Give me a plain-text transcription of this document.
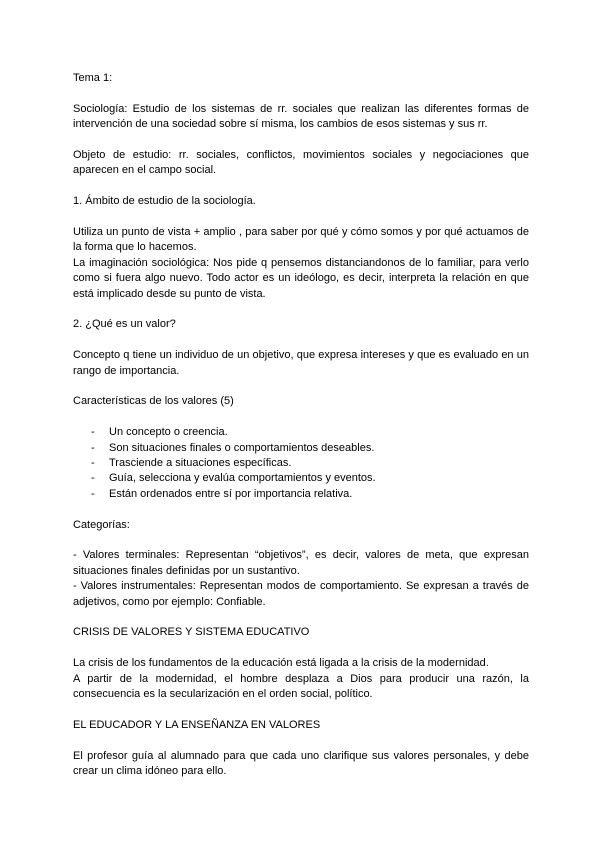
Tema 1:

Sociología: Estudio de los sistemas de rr. sociales que realizan las diferentes formas de intervención de una sociedad sobre sí misma, los cambios de esos sistemas y sus rr.

Objeto de estudio: rr. sociales, conflictos, movimientos sociales y negociaciones que aparecen en el campo social.

1. Ámbito de estudio de la sociología.

Utiliza un punto de vista + amplio , para saber por qué y cómo somos y por qué actuamos de la forma que lo hacemos.

La imaginación sociológica: Nos pide q pensemos distanciandonos de lo familiar, para verlo como si fuera algo nuevo. Todo actor es un ideólogo, es decir, interpreta la relación en que está implicado desde su punto de vista.

2. ¿Qué es un valor?

Concepto q tiene un individuo de un objetivo, que expresa intereses y que es evaluado en un rango de importancia.

Características de los valores (5)

- Un concepto o creencia.
- Son situaciones finales o comportamientos deseables.
- Trasciende a situaciones específicas.
- Guía, selecciona y evalúa comportamientos y eventos.
- Están ordenados entre sí por importancia relativa.

Categorías:

- Valores terminales: Representan “objetivos”, es decir, valores de meta, que expresan situaciones finales definidas por un sustantivo.

- Valores instrumentales: Representan modos de comportamiento. Se expresan a través de adjetivos, como por ejemplo: Confiable.

CRISIS DE VALORES Y SISTEMA EDUCATIVO

La crisis de los fundamentos de la educación está ligada a la crisis de la modernidad.

A partir de la modernidad, el hombre desplaza a Dios para producir una razón, la consecuencia es la secularización en el orden social, político.

EL EDUCADOR Y LA ENSEÑANZA EN VALORES

El profesor guía al alumnado para que cada uno clarifique sus valores personales, y debe crear un clima idóneo para ello.
